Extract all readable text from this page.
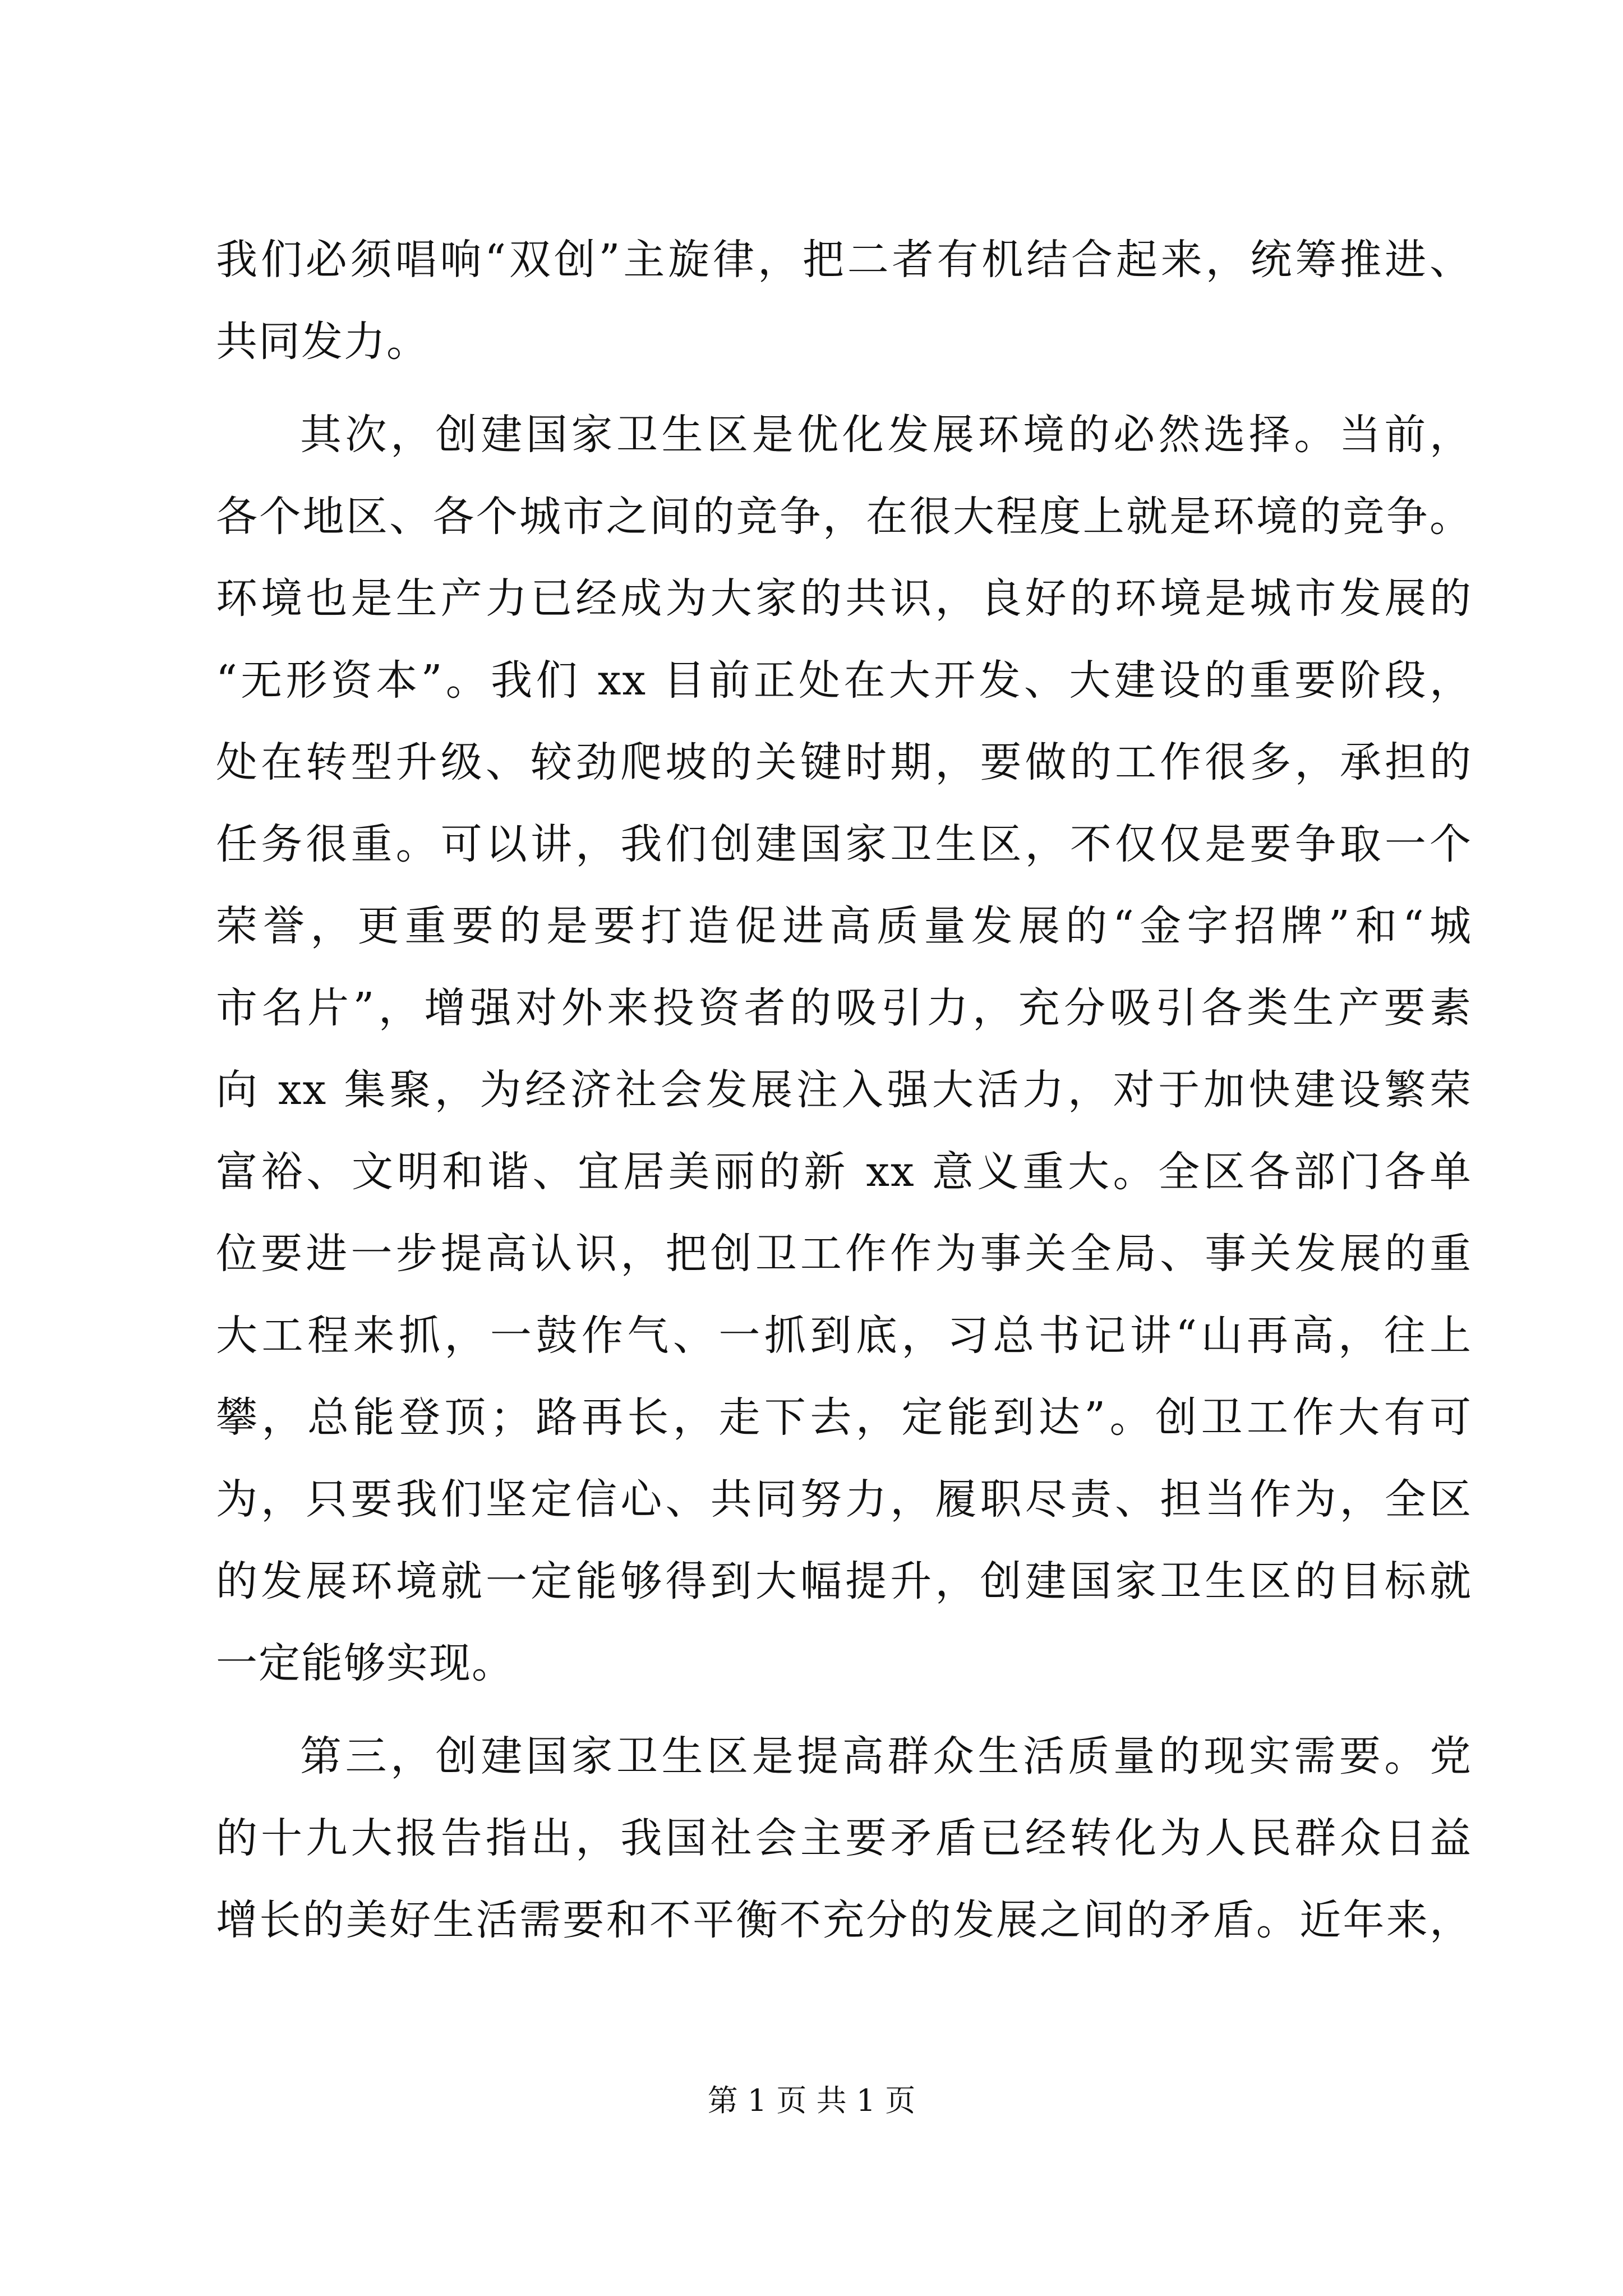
我们必须唱响“双创”主旋律，把二者有机结合起来，统筹推进、
共同发力。
其次，创建国家卫生区是优化发展环境的必然选择。当前，
各个地区、各个城市之间的竞争，在很大程度上就是环境的竞争。
环境也是生产力已经成为大家的共识，良好的环境是城市发展的
“无形资本”。我们 xx 目前正处在大开发、大建设的重要阶段，
处在转型升级、较劲爬坡的关键时期，要做的工作很多，承担的
任务很重。可以讲，我们创建国家卫生区，不仅仅是要争取一个
荣誉，更重要的是要打造促进高质量发展的“金字招牌”和“城
市名片”，增强对外来投资者的吸引力，充分吸引各类生产要素
向 xx 集聚，为经济社会发展注入强大活力，对于加快建设繁荣
富裕、文明和谐、宜居美丽的新 xx 意义重大。全区各部门各单
位要进一步提高认识，把创卫工作作为事关全局、事关发展的重
大工程来抓，一鼓作气、一抓到底，习总书记讲“山再高，往上
攀，总能登顶；路再长，走下去，定能到达”。创卫工作大有可
为，只要我们坚定信心、共同努力，履职尽责、担当作为，全区
的发展环境就一定能够得到大幅提升，创建国家卫生区的目标就
一定能够实现。
第三，创建国家卫生区是提高群众生活质量的现实需要。党
的十九大报告指出，我国社会主要矛盾已经转化为人民群众日益
增长的美好生活需要和不平衡不充分的发展之间的矛盾。近年来，
第 1 页 共 1 页
